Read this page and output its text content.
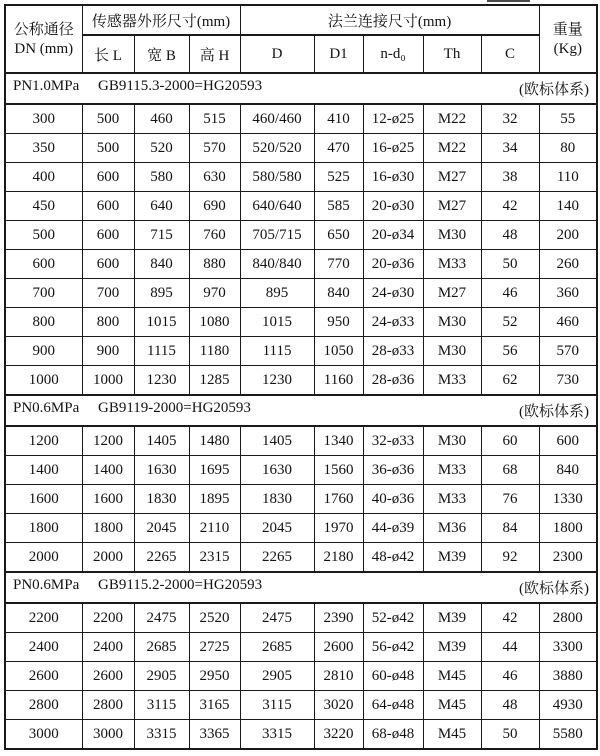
公称通径
DN (mm)
	传感器外形尺寸(mm)	法兰连接尺寸(mm)	
重量
(Kg)

	长 L	宽 B	高 H	D	D1	n-d₀	Th	C	
PN1.0MPa GB9115.3-2000=HG20593 (欧标体系)									

300	500	460	515	460/460	410	12-ø25	M22	32	55
350	500	520	570	520/520	470	16-ø25	M22	34	80
400	600	580	630	580/580	525	16-ø30	M27	38	110
450	600	640	690	640/640	585	20-ø30	M27	42	140
500	600	715	760	705/715	650	20-ø34	M30	48	200
600	600	840	880	840/840	770	20-ø36	M33	50	260
700	700	895	970	895	840	24-ø30	M27	46	360
800	800	1015	1080	1015	950	24-ø33	M30	52	460
900	900	1115	1180	1115	1050	28-ø33	M30	56	570
1000	1000	1230	1285	1230	1160	28-ø36	M33	62	730
PN0.6MPa GB9119-2000=HG20593 (欧标体系)									

1200	1200	1405	1480	1405	1340	32-ø33	M30	60	600
1400	1400	1630	1695	1630	1560	36-ø36	M33	68	840
1600	1600	1830	1895	1830	1760	40-ø36	M33	76	1330
1800	1800	2045	2110	2045	1970	44-ø39	M36	84	1800
2000	2000	2265	2315	2265	2180	48-ø42	M39	92	2300
PN0.6MPa GB9115.2-2000=HG20593 (欧标体系)									

2200	2200	2475	2520	2475	2390	52-ø42	M39	42	2800
2400	2400	2685	2725	2685	2600	56-ø42	M39	44	3300
2600	2600	2905	2950	2905	2810	60-ø48	M45	46	3880
2800	2800	3115	3165	3115	3020	64-ø48	M45	48	4930
3000	3000	3315	3365	3315	3220	68-ø48	M45	50	5580
